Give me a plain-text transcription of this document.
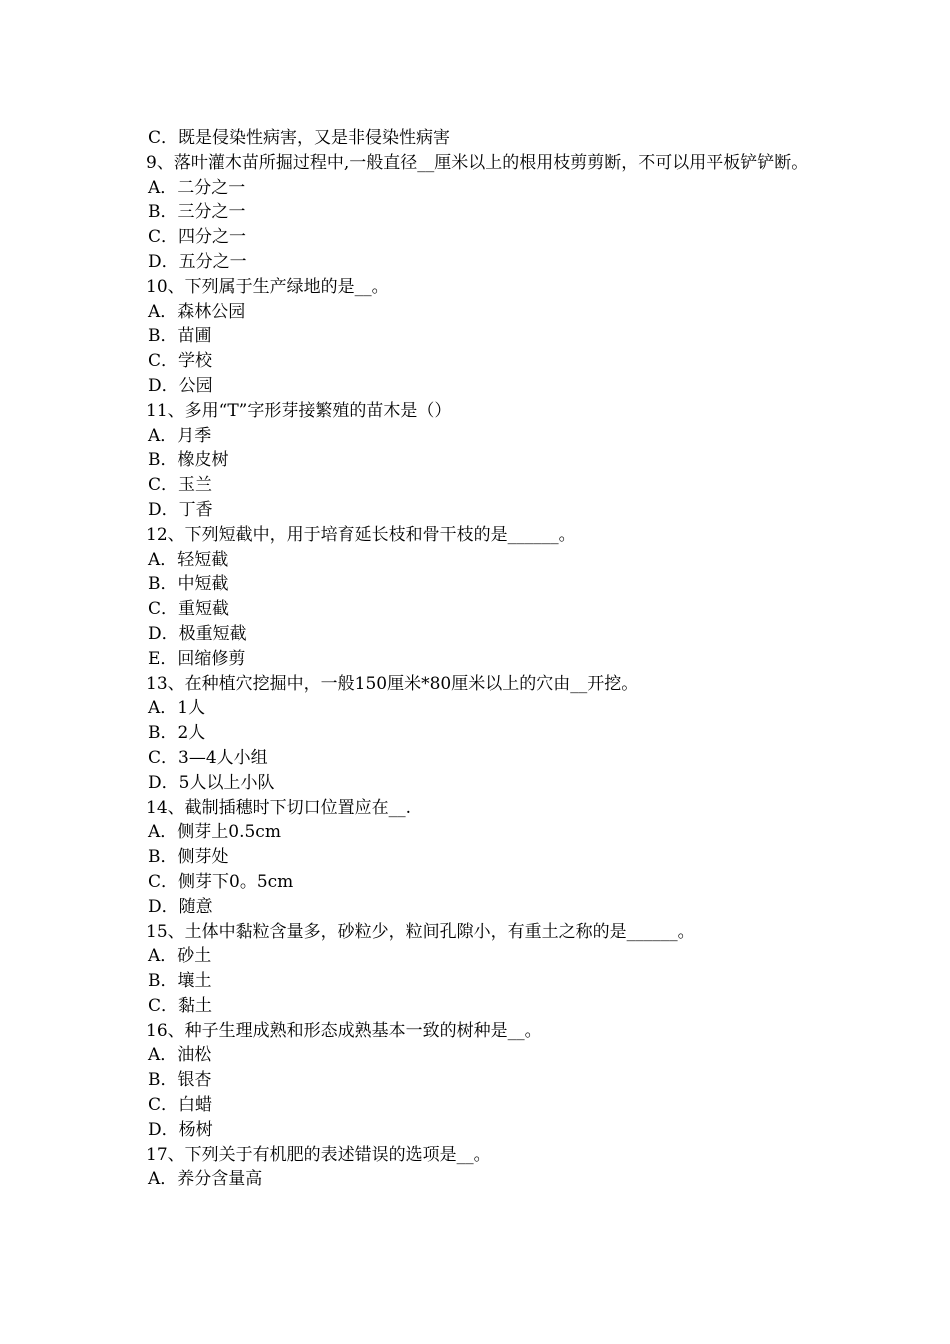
C．既是侵染性病害，又是非侵染性病害

9、落叶灌木苗所掘过程中,一般直径__厘米以上的根用枝剪剪断，不可以用平板铲铲断。

A．二分之一

B．三分之一

C．四分之一

D．五分之一

10、下列属于生产绿地的是__。

A．森林公园

B．苗圃

C．学校

D．公园

11、多用“T”字形芽接繁殖的苗木是（）

A．月季

B．橡皮树

C．玉兰

D．丁香

12、下列短截中，用于培育延长枝和骨干枝的是______。

A．轻短截

B．中短截

C．重短截

D．极重短截

E．回缩修剪

13、在种植穴挖掘中，一般150厘米*80厘米以上的穴由__开挖。

A．1人

B．2人

C．3—4人小组

D．5人以上小队

14、截制插穗时下切口位置应在__.

A．侧芽上0.5cm

B．侧芽处

C．侧芽下0。5cm

D．随意

15、土体中黏粒含量多，砂粒少，粒间孔隙小，有重土之称的是______。

A．砂土

B．壤土

C．黏土

16、种子生理成熟和形态成熟基本一致的树种是__。

A．油松

B．银杏

C．白蜡

D．杨树

17、下列关于有机肥的表述错误的选项是__。

A．养分含量高
